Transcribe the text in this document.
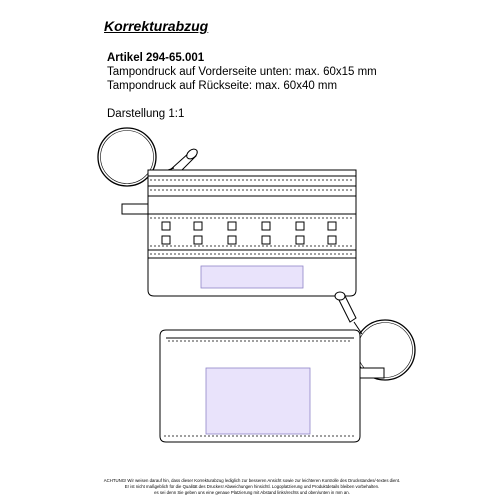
Korrekturabzug
Artikel 294-65.001
Tampondruck auf Vorderseite unten: max. 60x15 mm
Tampondruck auf Rückseite: max. 60x40 mm
Darstellung 1:1
ACHTUNG! Wir weisen darauf hin, dass dieser Korrekturabzug lediglich zur besseren Ansicht sowie zur leichteren Kontrolle des Druckstandes/-textes dient.
Er ist nicht maßgeblich für die Qualität des Druckes! Abweichungen hinsichtl. Logoplatzierung und Produktdetails bleiben vorbehalten.
es sei denn Sie geben uns eine genaue Platzierung mit Abstand links/rechts und oben/unten in mm an.
